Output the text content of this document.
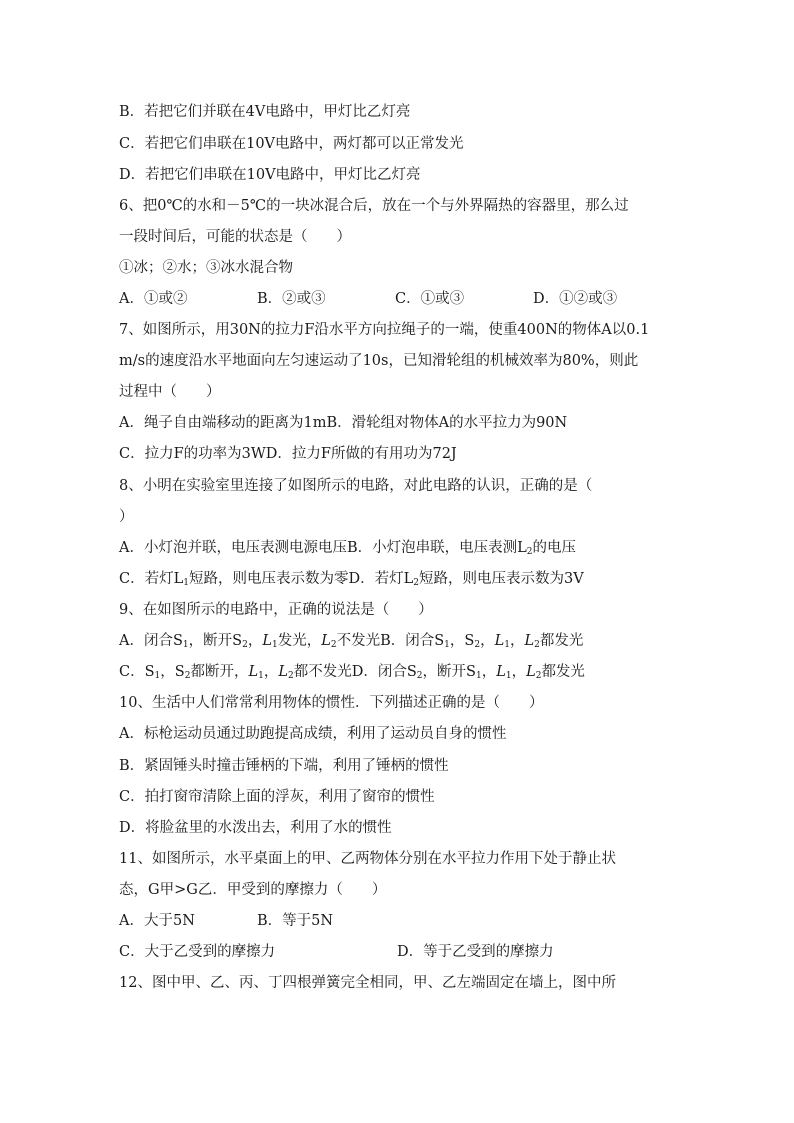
B．若把它们并联在4V电路中，甲灯比乙灯亮
C．若把它们串联在10V电路中，两灯都可以正常发光
D．若把它们串联在10V电路中，甲灯比乙灯亮
6、把0℃的水和－5℃的一块冰混合后，放在一个与外界隔热的容器里，那么过
一段时间后，可能的状态是（　　）
①冰；②水；③冰水混合物
A．①或②	B．②或③	C．①或③	D．①②或③
7、如图所示，用30N的拉力F沿水平方向拉绳子的一端，使重400N的物体A以0.1
m/s的速度沿水平地面向左匀速运动了10s，已知滑轮组的机械效率为80%，则此
过程中（　　）
A．绳子自由端移动的距离为1mB．滑轮组对物体A的水平拉力为90N
C．拉力F的功率为3WD．拉力F所做的有用功为72J
8、小明在实验室里连接了如图所示的电路，对此电路的认识，正确的是（
）
A．小灯泡并联，电压表测电源电压B．小灯泡串联，电压表测$L_2$的电压
C．若灯$L_1$短路，则电压表示数为零D．若灯$L_2$短路，则电压表示数为3V
9、在如图所示的电路中，正确的说法是（　　）
A．闭合$S_1$，断开$S_2$，$L_1$发光，$L_2$不发光B．闭合$S_1$，$S_2$，$L_1$，$L_2$都发光
C．$S_1$，$S_2$都断开，$L_1$，$L_2$都不发光D．闭合$S_2$，断开$S_1$，$L_1$，$L_2$都发光
10、生活中人们常常利用物体的惯性．下列描述正确的是（　　）
A．标枪运动员通过助跑提高成绩，利用了运动员自身的惯性
B．紧固锤头时撞击锤柄的下端，利用了锤柄的惯性
C．拍打窗帘清除上面的浮灰，利用了窗帘的惯性
D．将脸盆里的水泼出去，利用了水的惯性
11、如图所示，水平桌面上的甲、乙两物体分别在水平拉力作用下处于静止状
态，G甲>G乙．甲受到的摩擦力（　　）
A．大于5N	B．等于5N
C．大于乙受到的摩擦力	D．等于乙受到的摩擦力
12、图中甲、乙、丙、丁四根弹簧完全相同，甲、乙左端固定在墙上，图中所
